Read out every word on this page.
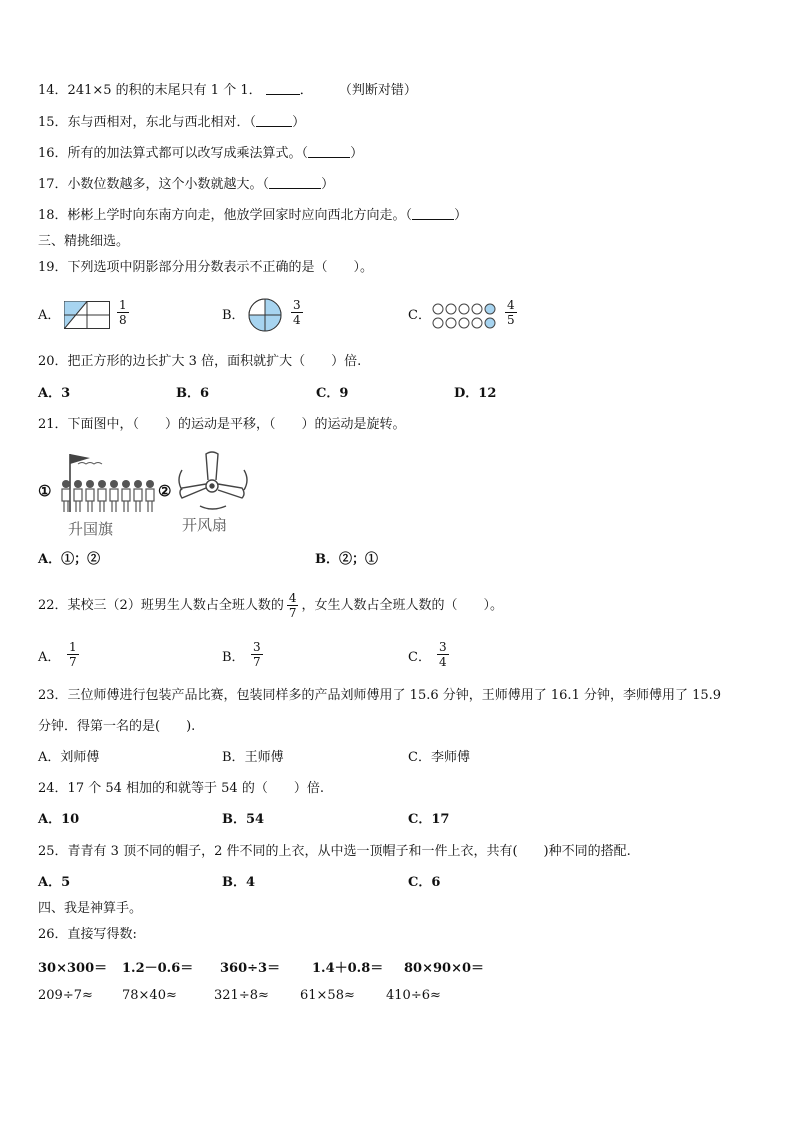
14．241×5 的积的末尾只有 1 个 1．	． （判断对错）
15．东与西相对，东北与西北相对．（	）
16．所有的加法算式都可以改写成乘法算式。（	）
17．小数位数越多，这个小数就越大。（	）
18．彬彬上学时向东南方向走，他放学回家时应向西北方向走。（	）
三、精挑细选。
19．下列选项中阴影部分用分数表示不正确的是（　　）。
A．
1
8	B．
3
4	C．
4
5
20．把正方形的边长扩大 3 倍，面积就扩大（　　）倍.
A．3	B．6	C．9	D．12
21．下面图中，（　　）的运动是平移，（　　）的运动是旋转。
①
升国旗
②
开风扇
A．①；②	B．②；①
22．某校三（2）班男生人数占全班人数的 $\frac{4}{7}$ ，女生人数占全班人数的（　　）。
A．
1
7	B．
3
7	C．
3
4
23．三位师傅进行包装产品比赛，包装同样多的产品刘师傅用了 15.6 分钟，王师傅用了 16.1 分钟，李师傅用了 15.9
分钟．得第一名的是(　　).
A．刘师傅	B．王师傅	C．李师傅
24．17 个 54 相加的和就等于 54 的（　　）倍.
A．10	B．54	C．17
25．青青有 3 顶不同的帽子，2 件不同的上衣，从中选一顶帽子和一件上衣，共有(　　)种不同的搭配.
A．5	B．4	C．6
四、我是神算手。
26．直接写得数:
30×300＝ 1.2－0.6＝ 360÷3＝ 1.4＋0.8＝ 80×90×0＝
209÷7≈ 78×40≈	321÷8≈ 61×58≈ 410÷6≈
